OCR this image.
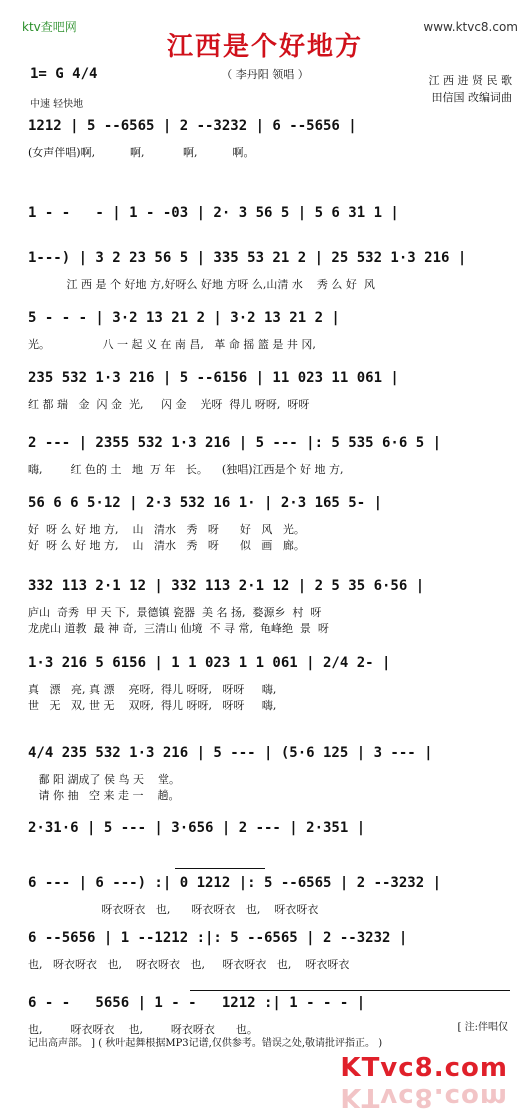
ktv查吧网	www.ktvc8.com
江西是个好地方
（ 李丹阳 领唱 ）	江 西 进 贤 民 歌
田信国 改编词曲
1= G 4/4
中速 轻快地
1212 | 5 --6565 | 2 --3232 | 6 --5656 |
(女声伴唱)啊,          啊,           啊,          啊。
1 - -   - | 1 - -03 | 2· 3 56 5 | 5 6 3̇1 1 |
1---) | 3 2 23 56 5 | 335 53 21 2 | 25 532 1·3 216 |
江 西 是 个 好地 方,好呀么 好地 方呀 么,山清 水    秀 么 好  风
5 - - - | 3·2 13 21 2 | 3·2 13 21 2 |
光。               八 一 起 义 在 南 昌,   革 命 摇 篮 是 井 冈,
235 532 1·3 216 | 5 --6156 | 11 023 11 061 |
红 都 瑞   金  闪 金  光,     闪 金    光呀  得儿 呀呀,  呀呀
2 --- | 2355 532 1·3 216 | 5 --- |: 5 535 6·6 5 |
嗨,        红 色的 土   地  万 年   长。    (独唱)江西是个 好 地 方,
56 6 6 5·12 | 2·3 532 16 1· | 2·3 165 5- |
好  呀 么 好 地 方,    山   清水   秀   呀      好   风   光。
好  呀 么 好 地 方,    山   清水   秀   呀      似   画   廊。
332 113 2·1 12 | 332 113 2·1 12 | 2 5 35 6·56 |
庐山  奇秀  甲 天 下,  景德镇 瓷器  美 名 扬,  婺源乡  村  呀
龙虎山 道教  最 神 奇,  三清山 仙境  不 寻 常,  龟峰绝  景  呀
1·3 216 5 6156 | 1 1 023 1 1 061 | 2/4 2- |
真   漂   亮, 真 漂    亮呀,  得儿 呀呀,   呀呀     嗨,
世   无   双, 世 无    双呀,  得儿 呀呀,   呀呀     嗨,
4/4 235 532 1·3 216 | 5 --- | (5·6 125 | 3 --- |
鄱 阳 湖成了 侯 鸟 天    堂。
请 你 抽   空 来 走 一    趟。
2·31·6 | 5 --- | 3·656 | 2 --- | 2·351 |
6 --- | 6 ---) :| 0 1212 |: 5 --6565 | 2 --3232 |
呀衣呀衣   也,      呀衣呀衣   也,    呀衣呀衣
6 --5656 | 1 --1212 :|: 5 --6565 | 2 --3232 |
也,   呀衣呀衣   也,    呀衣呀衣   也,     呀衣呀衣   也,    呀衣呀衣
6 - -   5656 | 1 - -   1212 :| 1 - - - |
也,        呀衣呀衣    也,        呀衣呀衣      也。	[ 注:伴唱仅
记出高声部。 ] ( 秋叶起舞根据MP3记谱,仅供参考。错误之处,敬请批评指正。 )
KTvc8.com
KTvc8.com
